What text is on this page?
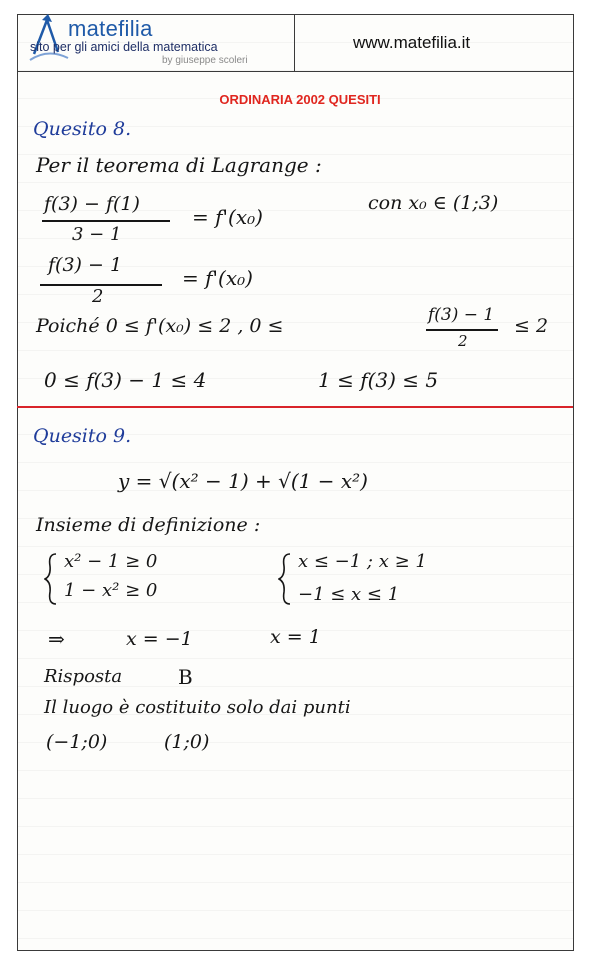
matefilia
sito per gli amici della matematica
by giuseppe scoleri
www.matefilia.it
ORDINARIA 2002 QUESITI
Quesito 8.
Per il teorema di Lagrange :
f(3) − f(1)
3 − 1
= f'(x₀)
con x₀ ∈ (1;3)
f(3) − 1
2
= f'(x₀)
Poiché 0 ≤ f'(x₀) ≤ 2 , 0 ≤	f(3) − 1
2
≤ 2
0 ≤ f(3) − 1 ≤ 4	1 ≤ f(3) ≤ 5
Quesito 9.
y = √(x² − 1) + √(1 − x²)
Insieme di definizione :
x² − 1 ≥ 0
1 − x² ≥ 0
x ≤ −1 ; x ≥ 1
−1 ≤ x ≤ 1
⇒	x = −1	x = 1
Risposta	B
Il luogo è costituito solo dai punti
(−1;0)	(1;0)
